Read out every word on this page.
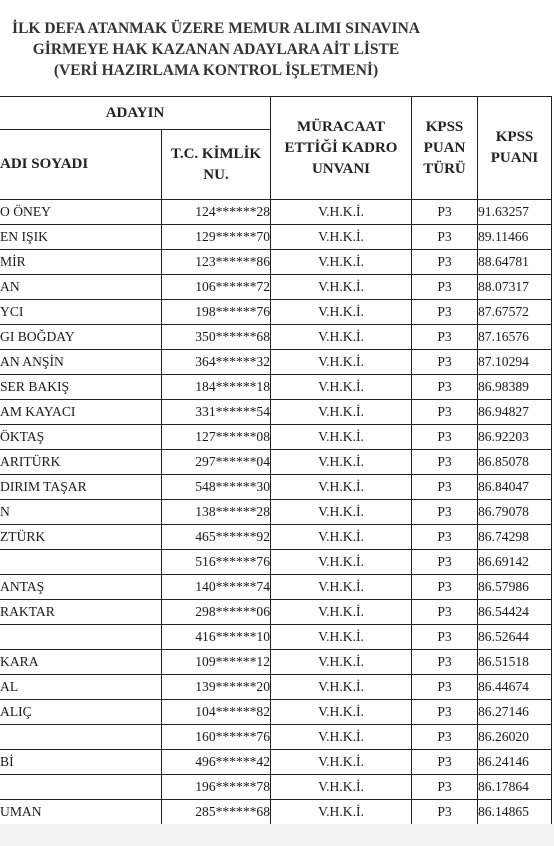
İLK DEFA ATANMAK ÜZERE MEMUR ALIMI SINAVINA
GİRMEYE HAK KAZANAN ADAYLARA AİT LİSTE
(VERİ HAZIRLAMA KONTROL İŞLETMENİ)
ADAYIN		MÜRACAAT ETTİĞİ KADRO UNVANI	KPSS PUAN TÜRÜ	KPSS PUANI
ADI SOYADI	T.C. KİMLİK NU.			
O ÖNEY	124******28	V.H.K.İ.	P3	91.63257
EN IŞIK	129******70	V.H.K.İ.	P3	89.11466
MİR	123******86	V.H.K.İ.	P3	88.64781
AN	106******72	V.H.K.İ.	P3	88.07317
YCI	198******76	V.H.K.İ.	P3	87.67572
GI BOĞDAY	350******68	V.H.K.İ.	P3	87.16576
AN ANŞİN	364******32	V.H.K.İ.	P3	87.10294
SER BAKIŞ	184******18	V.H.K.İ.	P3	86.98389
AM KAYACI	331******54	V.H.K.İ.	P3	86.94827
ÖKTAŞ	127******08	V.H.K.İ.	P3	86.92203
ARITÜRK	297******04	V.H.K.İ.	P3	86.85078
DIRIM TAŞAR	548******30	V.H.K.İ.	P3	86.84047
N	138******28	V.H.K.İ.	P3	86.79078
ZTÜRK	465******92	V.H.K.İ.	P3	86.74298
	516******76	V.H.K.İ.	P3	86.69142
ANTAŞ	140******74	V.H.K.İ.	P3	86.57986
RAKTAR	298******06	V.H.K.İ.	P3	86.54424
	416******10	V.H.K.İ.	P3	86.52644
KARA	109******12	V.H.K.İ.	P3	86.51518
AL	139******20	V.H.K.İ.	P3	86.44674
ALIÇ	104******82	V.H.K.İ.	P3	86.27146
	160******76	V.H.K.İ.	P3	86.26020
Bİ	496******42	V.H.K.İ.	P3	86.24146
	196******78	V.H.K.İ.	P3	86.17864
UMAN	285******68	V.H.K.İ.	P3	86.14865
